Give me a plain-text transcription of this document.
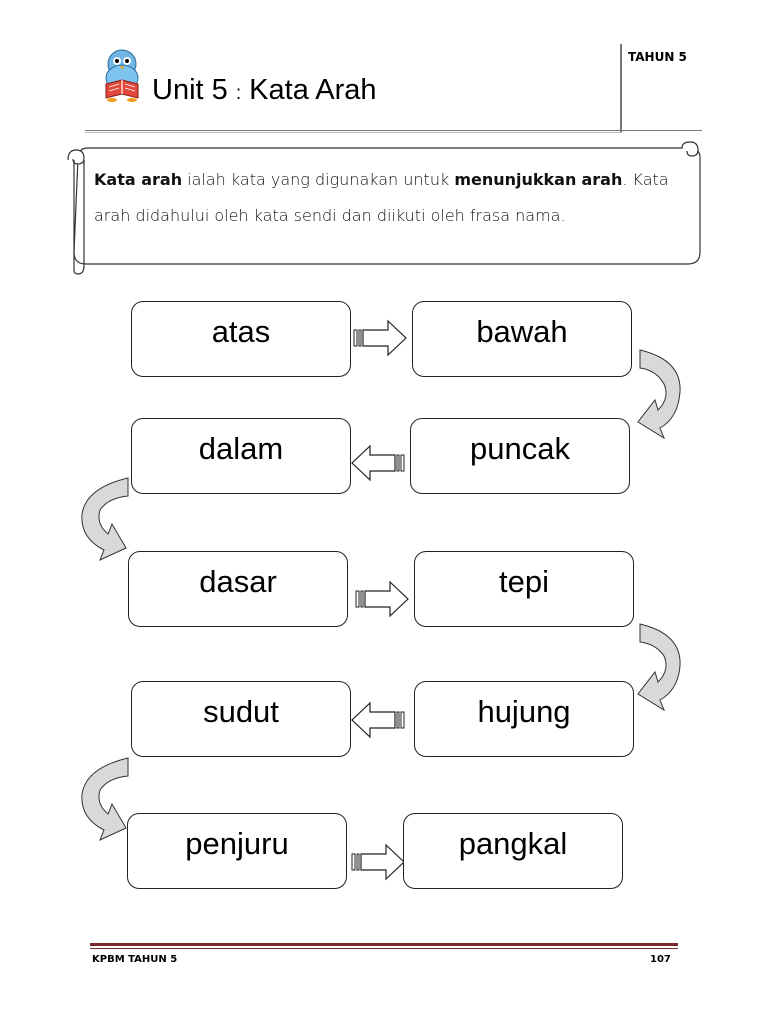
TAHUN 5
Unit 5 : Kata Arah
Kata arah ialah kata yang digunakan untuk menunjukkan arah. Kata arah didahului oleh kata sendi dan diikuti oleh frasa nama.
atas	bawah
puncak
dalam
dasar	tepi
hujung
sudut
penjuru	pangkal
KPBM TAHUN 5	107
